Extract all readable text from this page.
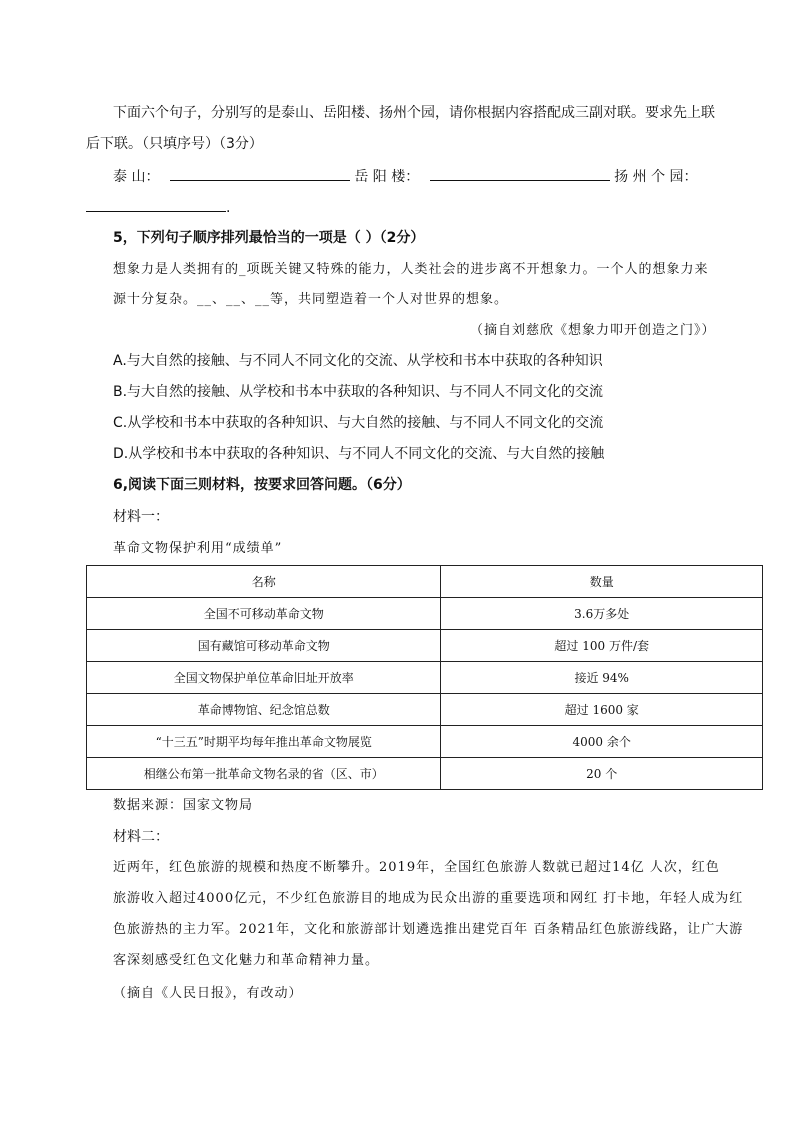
下面六个句子，分别写的是泰山、岳阳楼、扬州个园，请你根据内容搭配成三副对联。要求先上联
后下联。（只填序号）（3分）
泰 山：	岳 阳 楼：	扬 州 个 园：
.
5，下列句子顺序排列最恰当的一项是（ ）（2分）
想象力是人类拥有的_项既关键又特殊的能力，人类社会的进步离不开想象力。一个人的想象力来
源十分复杂。__、__、__等，共同塑造着一个人对世界的想象。
（摘自刘慈欣《想象力叩开创造之门》）
A.与大自然的接触、与不同人不同文化的交流、从学校和书本中获取的各种知识
B.与大自然的接触、从学校和书本中获取的各种知识、与不同人不同文化的交流
C.从学校和书本中获取的各种知识、与大自然的接触、与不同人不同文化的交流
D.从学校和书本中获取的各种知识、与不同人不同文化的交流、与大自然的接触
6,阅读下面三则材料，按要求回答问题。（6分）
材料一：
革命文物保护利用“成绩单”
名称	数量
全国不可移动革命文物	3.6万多处
国有藏馆可移动革命文物	超过 100 万件/套
全国文物保护单位革命旧址开放率	接近 94%
革命博物馆、纪念馆总数	超过 1600 家
“十三五”时期平均每年推出革命文物展览	4000 余个
相继公布第一批革命文物名录的省（区、市）	20 个
数据来源：国家文物局
材料二：
近两年，红色旅游的规模和热度不断攀升。2019年，全国红色旅游人数就已超过14亿 人次，红色
旅游收入超过4000亿元，不少红色旅游目的地成为民众出游的重要选项和网红 打卡地，年轻人成为红
色旅游热的主力军。2021年，文化和旅游部计划遴选推出建党百年 百条精品红色旅游线路，让广大游
客深刻感受红色文化魅力和革命精神力量。
（摘自《人民日报》，有改动）
